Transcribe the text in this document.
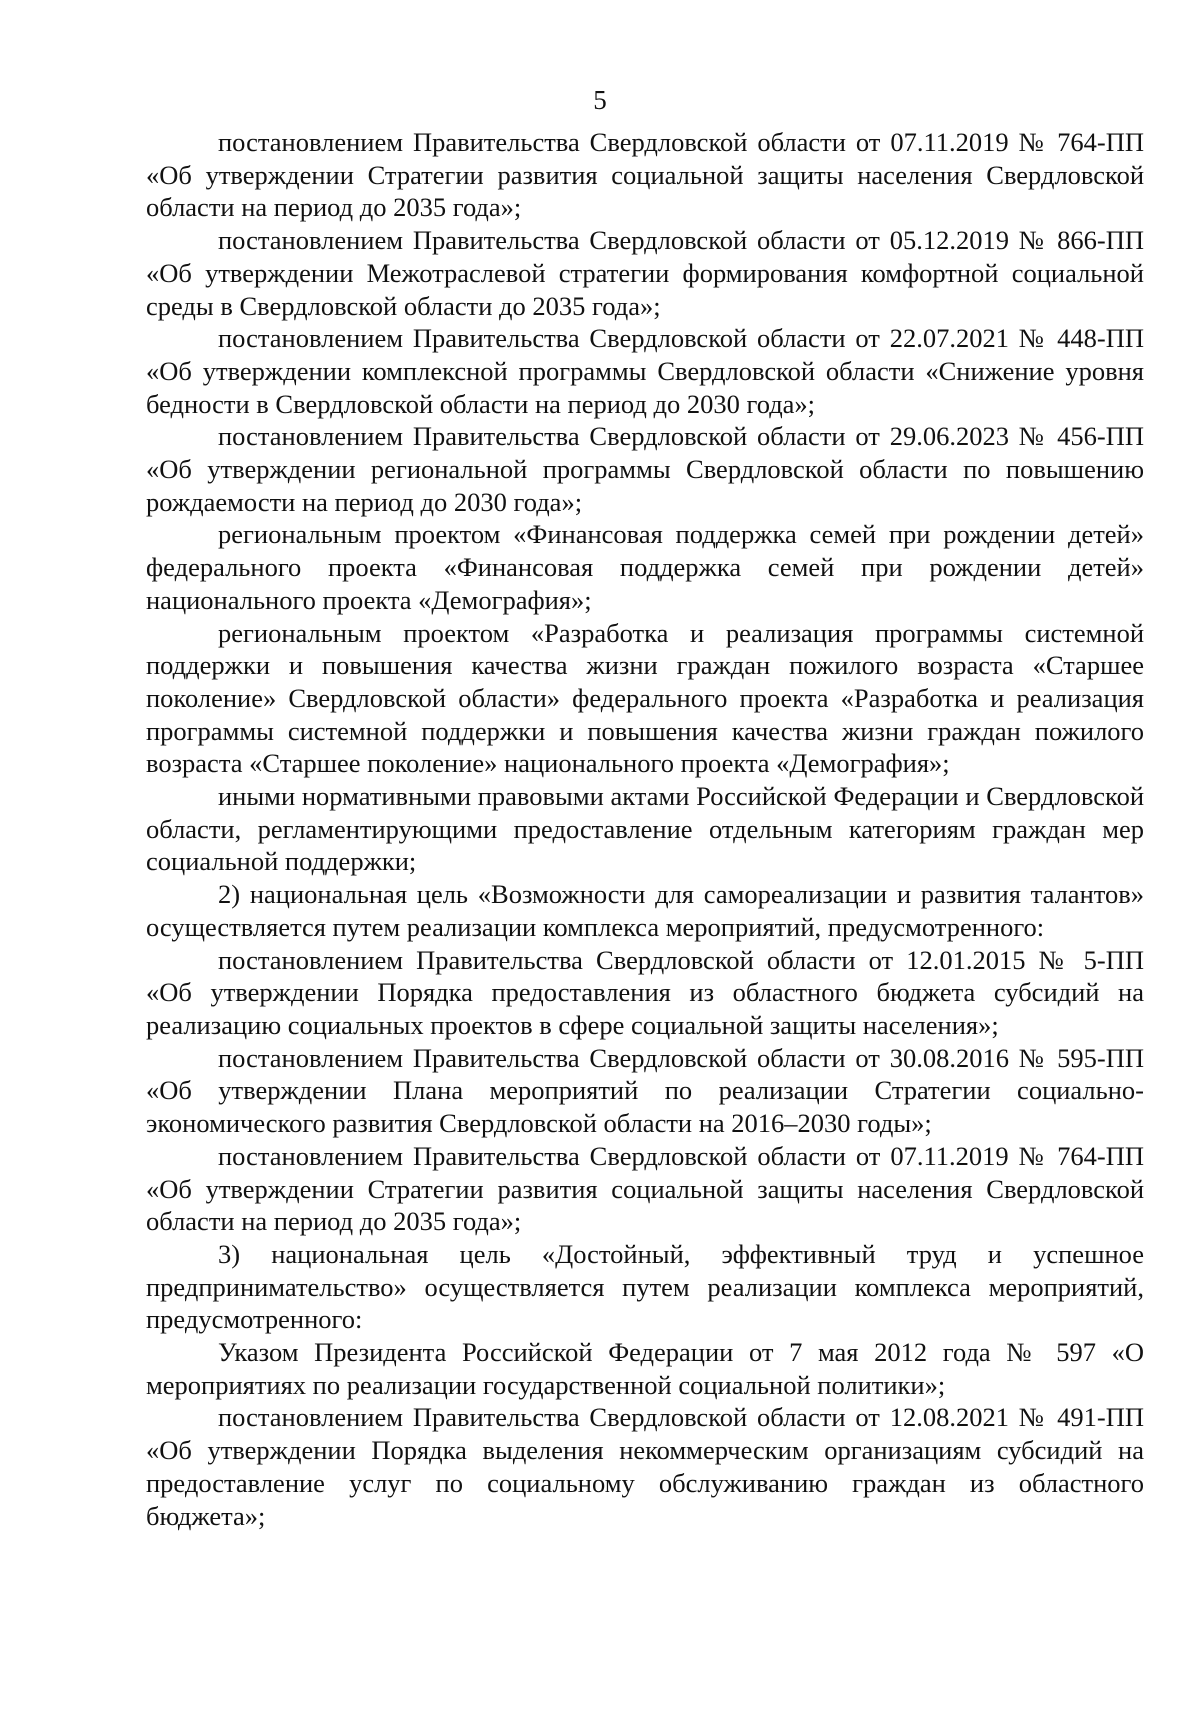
5

постановлением Правительства Свердловской области от 07.11.2019 № 764-ПП «Об утверждении Стратегии развития социальной защиты населения Свердловской области на период до 2035 года»;

постановлением Правительства Свердловской области от 05.12.2019 № 866-ПП «Об утверждении Межотраслевой стратегии формирования комфортной социальной среды в Свердловской области до 2035 года»;

постановлением Правительства Свердловской области от 22.07.2021 № 448-ПП «Об утверждении комплексной программы Свердловской области «Снижение уровня бедности в Свердловской области на период до 2030 года»;

постановлением Правительства Свердловской области от 29.06.2023 № 456-ПП «Об утверждении региональной программы Свердловской области по повышению рождаемости на период до 2030 года»;

региональным проектом «Финансовая поддержка семей при рождении детей» федерального проекта «Финансовая поддержка семей при рождении детей» национального проекта «Демография»;

региональным проектом «Разработка и реализация программы системной поддержки и повышения качества жизни граждан пожилого возраста «Старшее поколение» Свердловской области» федерального проекта «Разработка и реализация программы системной поддержки и повышения качества жизни граждан пожилого возраста «Старшее поколение» национального проекта «Демография»;

иными нормативными правовыми актами Российской Федерации и Свердловской области, регламентирующими предоставление отдельным категориям граждан мер социальной поддержки;

2) национальная цель «Возможности для самореализации и развития талантов» осуществляется путем реализации комплекса мероприятий, предусмотренного:

постановлением Правительства Свердловской области от 12.01.2015 № 5-ПП «Об утверждении Порядка предоставления из областного бюджета субсидий на реализацию социальных проектов в сфере социальной защиты населения»;

постановлением Правительства Свердловской области от 30.08.2016 № 595-ПП «Об утверждении Плана мероприятий по реализации Стратегии социально-экономического развития Свердловской области на 2016–2030 годы»;

постановлением Правительства Свердловской области от 07.11.2019 № 764-ПП «Об утверждении Стратегии развития социальной защиты населения Свердловской области на период до 2035 года»;

3) национальная цель «Достойный, эффективный труд и успешное предпринимательство» осуществляется путем реализации комплекса мероприятий, предусмотренного:

Указом Президента Российской Федерации от 7 мая 2012 года № 597 «О мероприятиях по реализации государственной социальной политики»;

постановлением Правительства Свердловской области от 12.08.2021 № 491-ПП «Об утверждении Порядка выделения некоммерческим организациям субсидий на предоставление услуг по социальному обслуживанию граждан из областного бюджета»;
